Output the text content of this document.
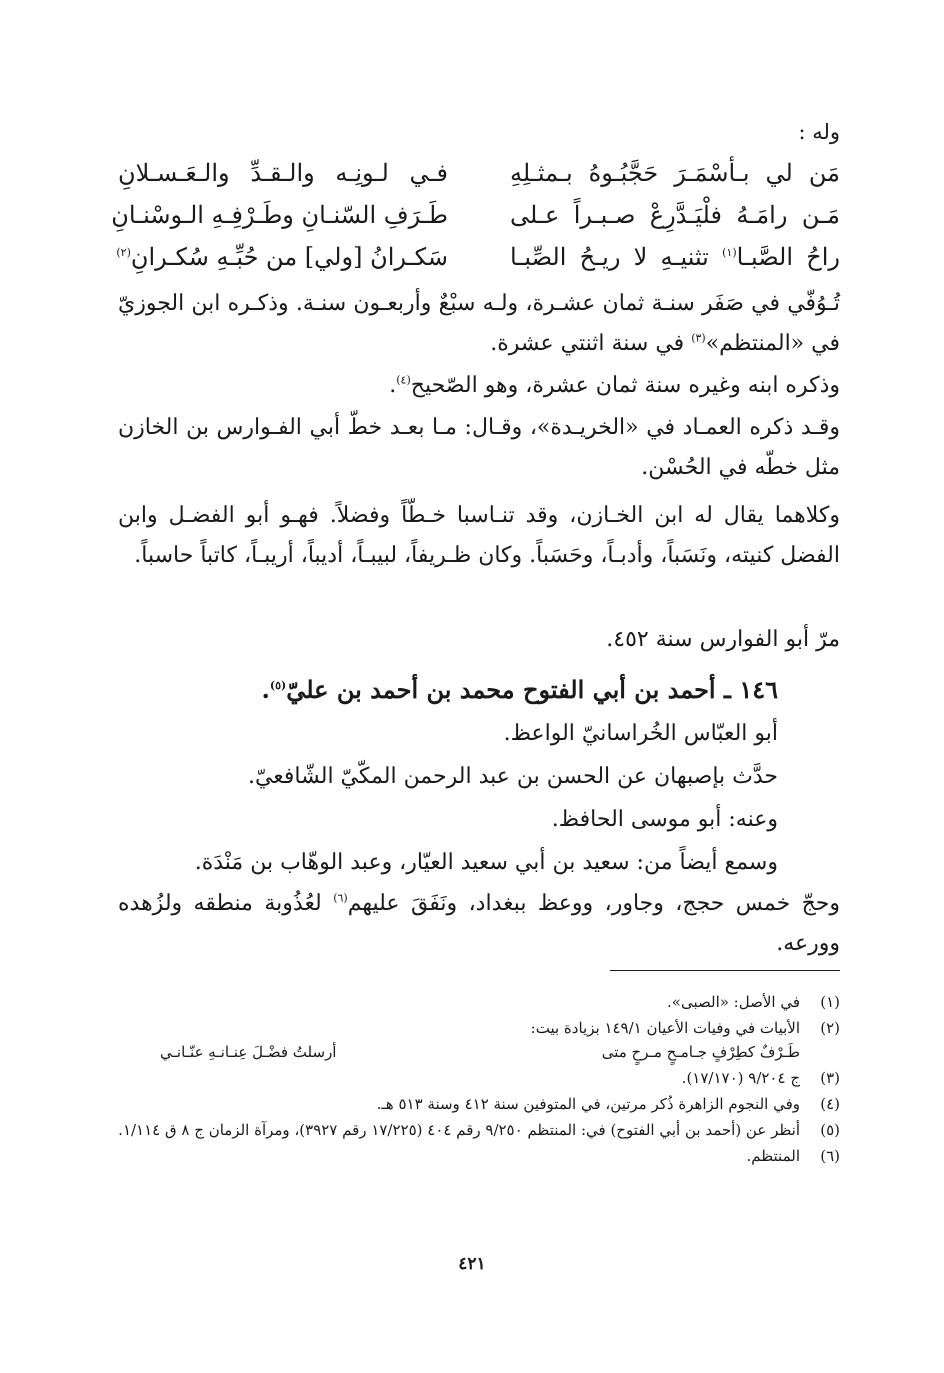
وله :
مَن لي بـأسْمَـرَ حَجَّبُـوهُ بـمثـلِهِ
فـي لـونِـه والـقـدِّ والـعَـسـلانِ
مَـن رامَـهُ فلْيَـدَّرِعْ صـبـراً عـلى
طَـرَفِ السّنـانِ وطَـرْفِـهِ الـوسْنـانِ
راحُ الصَّبـا$^{(١)}$ تثنيـهِ لا ريـحُ الصِّبـا
سَكـرانُ [ولي] من حُبِّـهِ سُكـرانِ$^{(٢)}$
تُـوُفّي في صَفَر سنـة ثمان عشـرة، ولـه سبْعٌ وأربعـون سنـة. وذكـره ابن الجوزيّ في «المنتظم»$^{(٣)}$ في سنة اثنتي عشرة.
وذكره ابنه وغيره سنة ثمان عشرة، وهو الصّحيح$^{(٤)}$.
وقـد ذكره العمـاد في «الخريـدة»، وقـال: مـا بعـد خطّ أبي الفـوارس بن الخازن مثل خطّه في الحُسْن.
وكلاهما يقال له ابن الخـازن، وقد تنـاسبا خـطّاً وفضلاً. فهـو أبو الفضـل وابن الفضل كنيته، ونَسَباً، وأدبـاً، وحَسَباً. وكان ظـريفاً، لبيبـاً، أديباً، أريبـاً، كاتباً حاسباً.
مرّ أبو الفوارس سنة ٤٥٢.
١٤٦ ـ أحمد بن أبي الفتوح محمد بن أحمد بن عليّ$^{(٥)}$.
أبو العبّاس الخُراسانيّ الواعظ.
حدَّث بإصبهان عن الحسن بن عبد الرحمن المكّيّ الشّافعيّ.
وعنه: أبو موسى الحافظ.
وسمع أيضاً من: سعيد بن أبي سعيد العيّار، وعبد الوهّاب بن مَنْدَة.
وحجّ خمس حجج، وجاور، ووعظ ببغداد، ونَفَقَ عليهم$^{(٦)}$ لعُذُوبة منطقه ولزُهده وورعه.
(١)
في الأصل: «الصبى».
(٢)
الأبيات في وفيات الأعيان ١٤٩/١ بزيادة بيت:
طَـرْفٌ كطِرْفٍ جـامـحٍ مـرحٍ متى
أرسلتُ فضْـلَ عِنـانـهِ عنّـانـي
(٣)
ج ٩/٢٠٤ (١٧/١٧٠).
(٤)
وفي النجوم الزاهرة ذُكر مرتين، في المتوفين سنة ٤١٢ وسنة ٥١٣ هـ.
(٥)
أنظر عن (أحمد بن أبي الفتوح) في: المنتظم ٩/٢٥٠ رقم ٤٠٤ (١٧/٢٢٥ رقم ٣٩٢٧)، ومرآة الزمان ج ٨ ق ١/١١٤.
(٦)
المنتظم.
٤٢١
